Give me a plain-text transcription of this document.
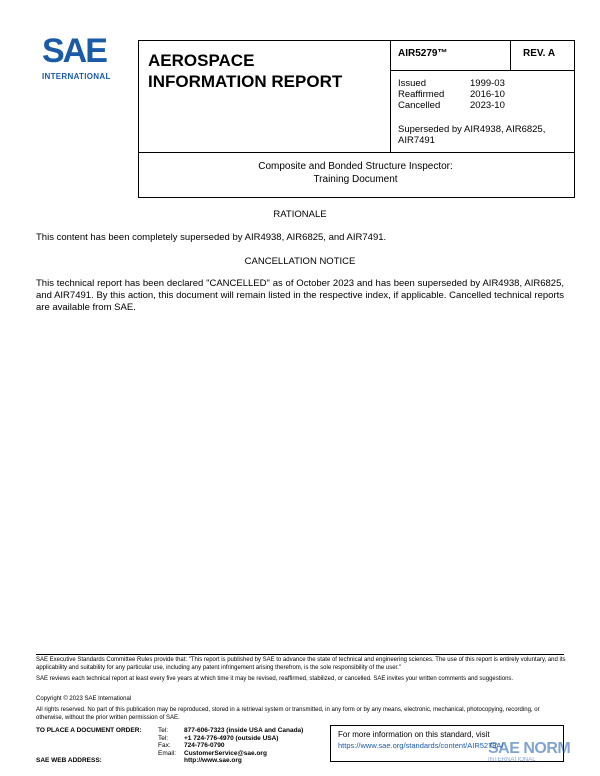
SAE
INTERNATIONAL
AEROSPACE
INFORMATION REPORT
AIR5279™	REV. A
Issued	1999-03
Reaffirmed	2016-10
Cancelled	2023-10
Superseded by AIR4938, AIR6825, AIR7491
Composite and Bonded Structure Inspector:
Training Document
RATIONALE
This content has been completely superseded by AIR4938, AIR6825, and AIR7491.
CANCELLATION NOTICE
This technical report has been declared "CANCELLED" as of October 2023 and has been superseded by AIR4938, AIR6825, and AIR7491. By this action, this document will remain listed in the respective index, if applicable. Cancelled technical reports are available from SAE.
SAE Executive Standards Committee Rules provide that: "This report is published by SAE to advance the state of technical and engineering sciences. The use of this report is entirely voluntary, and its applicability and suitability for any particular use, including any patent infringement arising therefrom, is the sole responsibility of the user."
SAE reviews each technical report at least every five years at which time it may be revised, reaffirmed, stabilized, or cancelled. SAE invites your written comments and suggestions.
Copyright © 2023 SAE International
All rights reserved. No part of this publication may be reproduced, stored in a retrieval system or transmitted, in any form or by any means, electronic, mechanical, photocopying, recording, or otherwise, without the prior written permission of SAE.
TO PLACE A DOCUMENT ORDER:	Tel:	877-606-7323 (inside USA and Canada)
	Tel:	+1 724-776-4970 (outside USA)
	Fax:	724-776-0790
	Email:	CustomerService@sae.org
SAE WEB ADDRESS:		http://www.sae.org
For more information on this standard, visit
https://www.sae.org/standards/content/AIR5279A/
SAE NORM
INTERNATIONAL
